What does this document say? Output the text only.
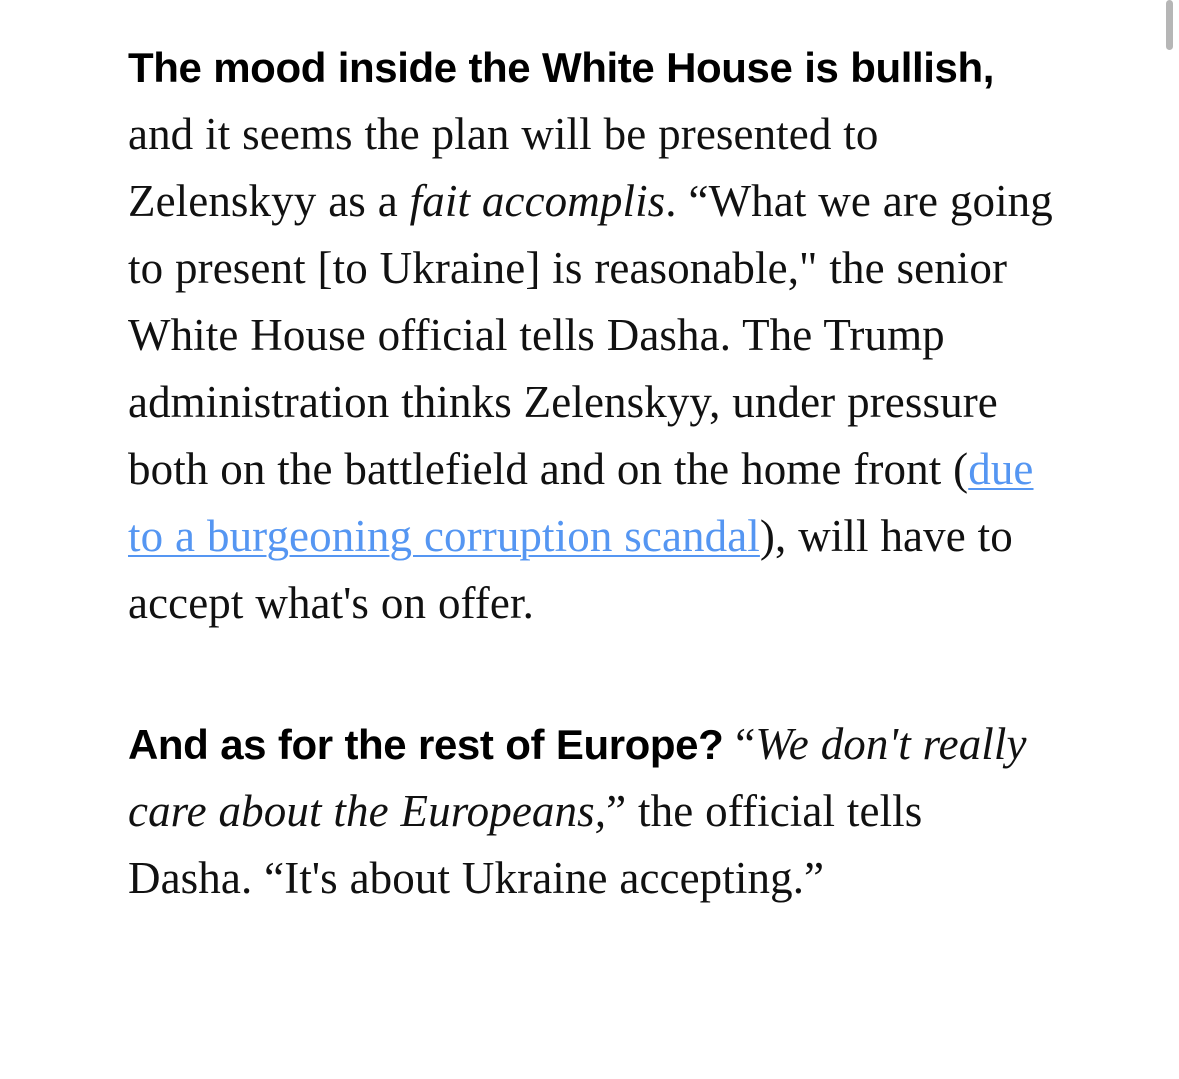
The mood inside the White House is bullish, and it seems the plan will be presented to Zelenskyy as a fait accomplis. “What we are going to present [to Ukraine] is reasonable," the senior White House official tells Dasha. The Trump administration thinks Zelenskyy, under pressure both on the battlefield and on the home front (due to a burgeoning corruption scandal), will have to accept what's on offer.

And as for the rest of Europe? “We don't really care about the Europeans,” the official tells Dasha. “It's about Ukraine accepting.”
